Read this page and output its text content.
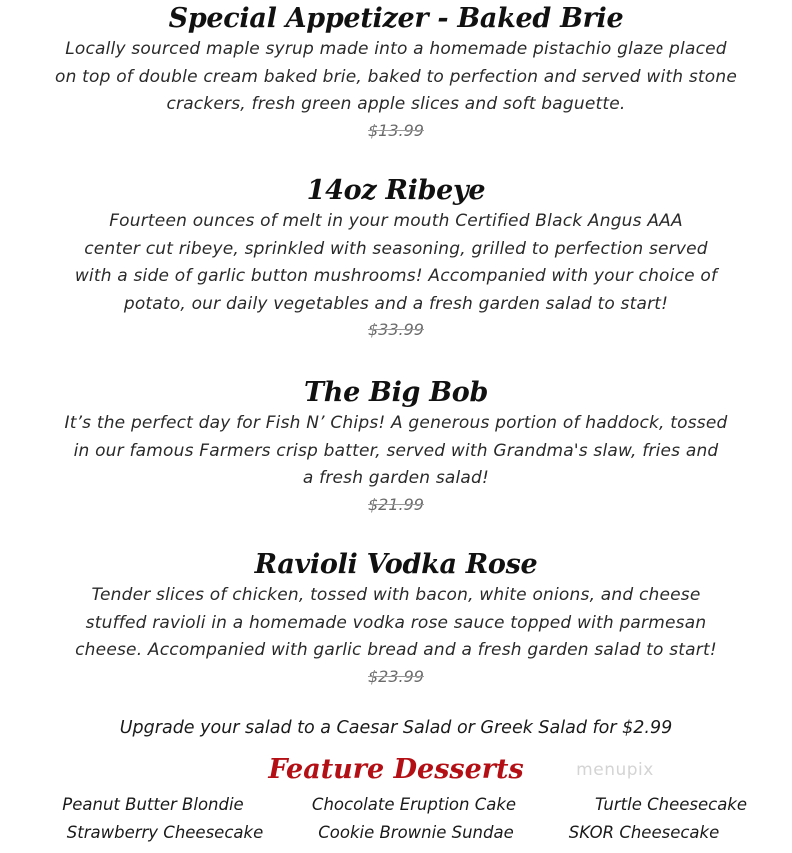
Special Appetizer - Baked Brie

Locally sourced maple syrup made into a homemade pistachio glaze placed
on top of double cream baked brie, baked to perfection and served with stone
crackers, fresh green apple slices and soft baguette.

$13.99

14oz Ribeye

Fourteen ounces of melt in your mouth Certified Black Angus AAA
center cut ribeye, sprinkled with seasoning, grilled to perfection served
with a side of garlic button mushrooms! Accompanied with your choice of
potato, our daily vegetables and a fresh garden salad to start!

$33.99

The Big Bob

It’s the perfect day for Fish N’ Chips! A generous portion of haddock, tossed
in our famous Farmers crisp batter, served with Grandma's slaw, fries and
a fresh garden salad!

$21.99

Ravioli Vodka Rose

Tender slices of chicken, tossed with bacon, white onions, and cheese
stuffed ravioli in a homemade vodka rose sauce topped with parmesan
cheese. Accompanied with garlic bread and a fresh garden salad to start!

$23.99

Upgrade your salad to a Caesar Salad or Greek Salad for $2.99
Feature Desserts	menupix
Peanut Butter Blondie	Chocolate Eruption Cake	Turtle Cheesecake
Strawberry Cheesecake	Cookie Brownie Sundae	SKOR Cheesecake
